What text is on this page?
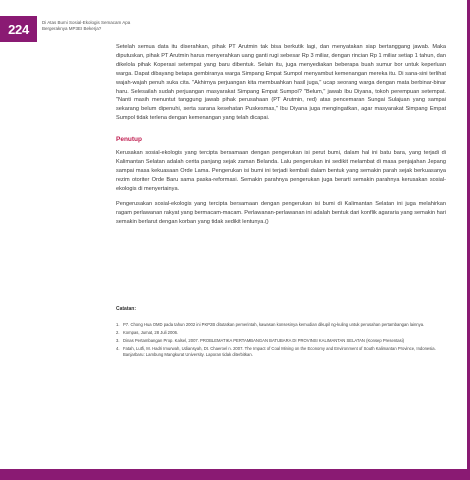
224	Di Atas Bumi Sosial-Ekologis Semacam Apa Bergeraknya MP3EI Bekerja?

Setelah semua data itu diserahkan, pihak PT Arutmin tak bisa berkutik lagi, dan menyatakan siap bertanggang jawab. Maka diputuskan, pihak PT Arutmin harus menyerahkan uang ganti rugi sebesar Rp 3 miliar, dengan rincian Rp 1 miliar setiap 1 tahun, dan dikelola pihak Koperasi setempat yang baru dibentuk. Selain itu, juga menyediakan beberapa buah sumur bor untuk keperluan warga. Dapat dibayang betapa gembiranya warga Simpang Empat Sumpol menyambut kemenangan mereka itu. Di sana-sini terlihat wajah-wajah penuh suka cita. "Akhirnya perjuangan kita membuahkan hasil juga," ucap seorang warga dengan mata berbinar-binar haru. Selesailah sudah perjuangan masyarakat Simpang Empat Sumpol? "Belum," jawab Ibu Diyana, tokoh perempuan setempat. "Nanti masih menuntut tanggung jawab pihak perusahaan (PT Arutmin, red) atas pencemaran Sungai Sulajuan yang sampai sekarang belum dipenuhi, serta sarana kesehatan Puskesmas," Ibu Diyana juga mengingatkan, agar masyarakat Simpang Empat Sumpol tidak terlena dengan kemenangan yang telah dicapai.

Penutup

Kerusakan sosial-ekologis yang tercipta bersamaan dengan pengerukan isi perut bumi, dalam hal ini batu bara, yang terjadi di Kalimantan Selatan adalah cerita panjang sejak zaman Belanda. Lalu pengerukan ini sedikit melambat di masa penjajahan Jepang sampai masa kekuasaan Orde Lama. Pengerukan isi bumi ini terjadi kembali dalam bentuk yang semakin parah sejak berkuasanya rezim otoriter Orde Baru sama paska-reformasi. Semakin parahnya pengerukan juga berarti semakin parahnya kerusakan sosial-ekologis di menyertainya.

Pengerusakan sosial-ekologis yang tercipta bersamaan dengan pengerukan isi bumi di Kalimantan Selatan ini juga melahirkan ragam perlawanan rakyat yang bermacam-macam. Perlawanan-perlawanan ini adalah bentuk dari konflik agararia yang semakin hari semakin berlarut dengan korban yang tidak sedikit lentunya.()

Catatan:
1. P7. Chong Hua OMD pada tahun 2002 ini PKP2B ditutatkan pemerintah, kawasan konsesinya kemudian dikupil ng-kuling untuk perusahan pertambangan lainnya.
2. Kompas, Jumat, 28 Juli 2006.
3. Dinas Pertambangan Prop. Kalsel, 2007. PROBLEMATIKA PERTAMBANGAN BATUBARA DI PROVINSI KALIMANTAN SELATAN (Konsep Presentasi)
4. Fatah, Lutfi, M. Hadri Imurwah, Udiansyah, Dt. Chaeroel n. 2007. The Impact of Coal Mining on the Economy and Environment of South Kalimantan Province, Indonesia. Banjarbaru: Lambung Mangkurat University. Laporan tidak diterbitkan.
